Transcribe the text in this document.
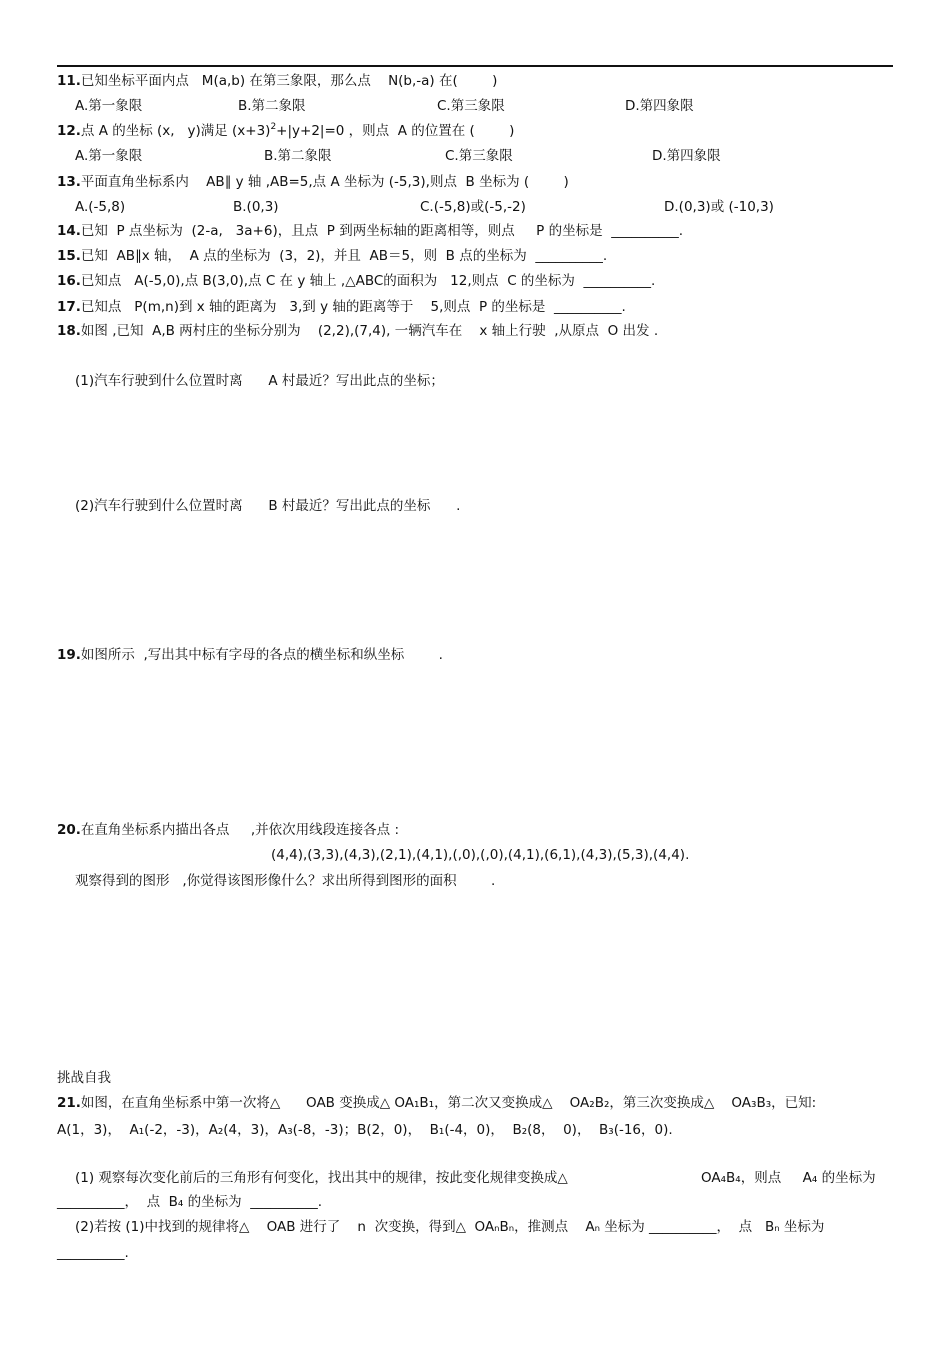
11.已知坐标平面内点   M(a,b) 在第三象限，那么点    N(b,-a) 在(        )
A.第一象限	B.第二象限	C.第三象限	D.第四象限
12.点 A 的坐标 (x,   y)满足 $(x+3)^2+|y+2|=0$ ，则点  A 的位置在 (        )
A.第一象限	B.第二象限	C.第三象限	D.第四象限
13.平面直角坐标系内    AB∥ y 轴 ,AB=5,点 A 坐标为 (-5,3),则点  B 坐标为 (        )
A.(-5,8)	B.(0,3)	C.(-5,8)或(-5,-2)	D.(0,3)或 (-10,3)
14.已知  P 点坐标为  (2-a,   3a+6)，且点  P 到两坐标轴的距离相等，则点     P 的坐标是  __________.
15.已知  AB∥x 轴，  A 点的坐标为  (3，2)，并且  AB＝5，则  B 点的坐标为  __________.
16.已知点   A(-5,0),点 B(3,0),点 C 在 y 轴上 ,△ABC的面积为   12,则点  C 的坐标为  __________.
17.已知点   P(m,n)到 x 轴的距离为   3,到 y 轴的距离等于    5,则点  P 的坐标是  __________.
18.如图 ,已知  A,B 两村庄的坐标分别为    (2,2),(7,4), 一辆汽车在    x 轴上行驶  ,从原点  O 出发 .
(1)汽车行驶到什么位置时离      A 村最近？写出此点的坐标；
(2)汽车行驶到什么位置时离      B 村最近？写出此点的坐标      .
19.如图所示  ,写出其中标有字母的各点的横坐标和纵坐标        .
20.在直角坐标系内描出各点     ,并依次用线段连接各点 :
(4,4),(3,3),(4,3),(2,1),(4,1),(,0),(,0),(4,1),(6,1),(4,3),(5,3),(4,4).
观察得到的图形   ,你觉得该图形像什么？求出所得到图形的面积        .
挑战自我
21.如图，在直角坐标系中第一次将△      OAB 变换成△ OA₁B₁，第二次又变换成△    OA₂B₂，第三次变换成△    OA₃B₃，已知:
A(1，3)，  A₁(-2，-3)，A₂(4，3)，A₃(-8，-3)；B(2，0)，  B₁(-4，0)，  B₂(8，  0)，  B₃(-16，0).
(1) 观察每次变化前后的三角形有何变化，找出其中的规律，按此变化规律变换成△	OA₄B₄，则点     A₄ 的坐标为
__________，  点  B₄ 的坐标为  __________.
(2)若按 (1)中找到的规律将△    OAB 进行了    n  次变换，得到△  OAₙBₙ，推测点    Aₙ 坐标为 __________，  点   Bₙ 坐标为
__________.
